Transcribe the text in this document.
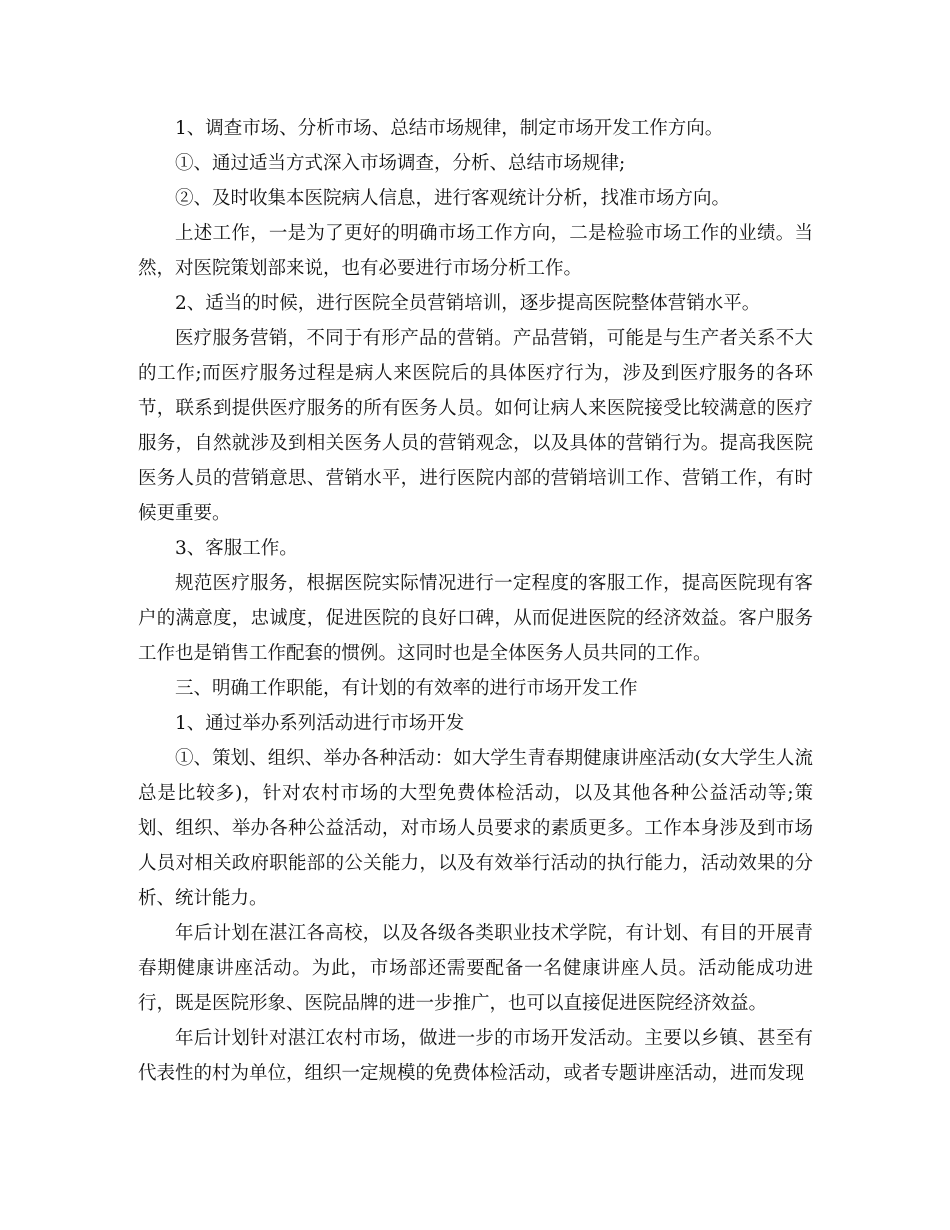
1、调查市场、分析市场、总结市场规律，制定市场开发工作方向。

①、通过适当方式深入市场调查，分析、总结市场规律;

②、及时收集本医院病人信息，进行客观统计分析，找准市场方向。

上述工作，一是为了更好的明确市场工作方向，二是检验市场工作的业绩。当然，对医院策划部来说，也有必要进行市场分析工作。

2、适当的时候，进行医院全员营销培训，逐步提高医院整体营销水平。

医疗服务营销，不同于有形产品的营销。产品营销，可能是与生产者关系不大的工作;而医疗服务过程是病人来医院后的具体医疗行为，涉及到医疗服务的各环节，联系到提供医疗服务的所有医务人员。如何让病人来医院接受比较满意的医疗服务，自然就涉及到相关医务人员的营销观念，以及具体的营销行为。提高我医院医务人员的营销意思、营销水平，进行医院内部的营销培训工作、营销工作，有时候更重要。

3、客服工作。

规范医疗服务，根据医院实际情况进行一定程度的客服工作，提高医院现有客户的满意度，忠诚度，促进医院的良好口碑，从而促进医院的经济效益。客户服务工作也是销售工作配套的惯例。这同时也是全体医务人员共同的工作。

三、明确工作职能，有计划的有效率的进行市场开发工作

1、通过举办系列活动进行市场开发

①、策划、组织、举办各种活动：如大学生青春期健康讲座活动(女大学生人流总是比较多)，针对农村市场的大型免费体检活动，以及其他各种公益活动等;策划、组织、举办各种公益活动，对市场人员要求的素质更多。工作本身涉及到市场人员对相关政府职能部的公关能力，以及有效举行活动的执行能力，活动效果的分析、统计能力。

年后计划在湛江各高校，以及各级各类职业技术学院，有计划、有目的开展青春期健康讲座活动。为此，市场部还需要配备一名健康讲座人员。活动能成功进行，既是医院形象、医院品牌的进一步推广，也可以直接促进医院经济效益。

年后计划针对湛江农村市场，做进一步的市场开发活动。主要以乡镇、甚至有代表性的村为单位，组织一定规模的免费体检活动，或者专题讲座活动，进而发现
